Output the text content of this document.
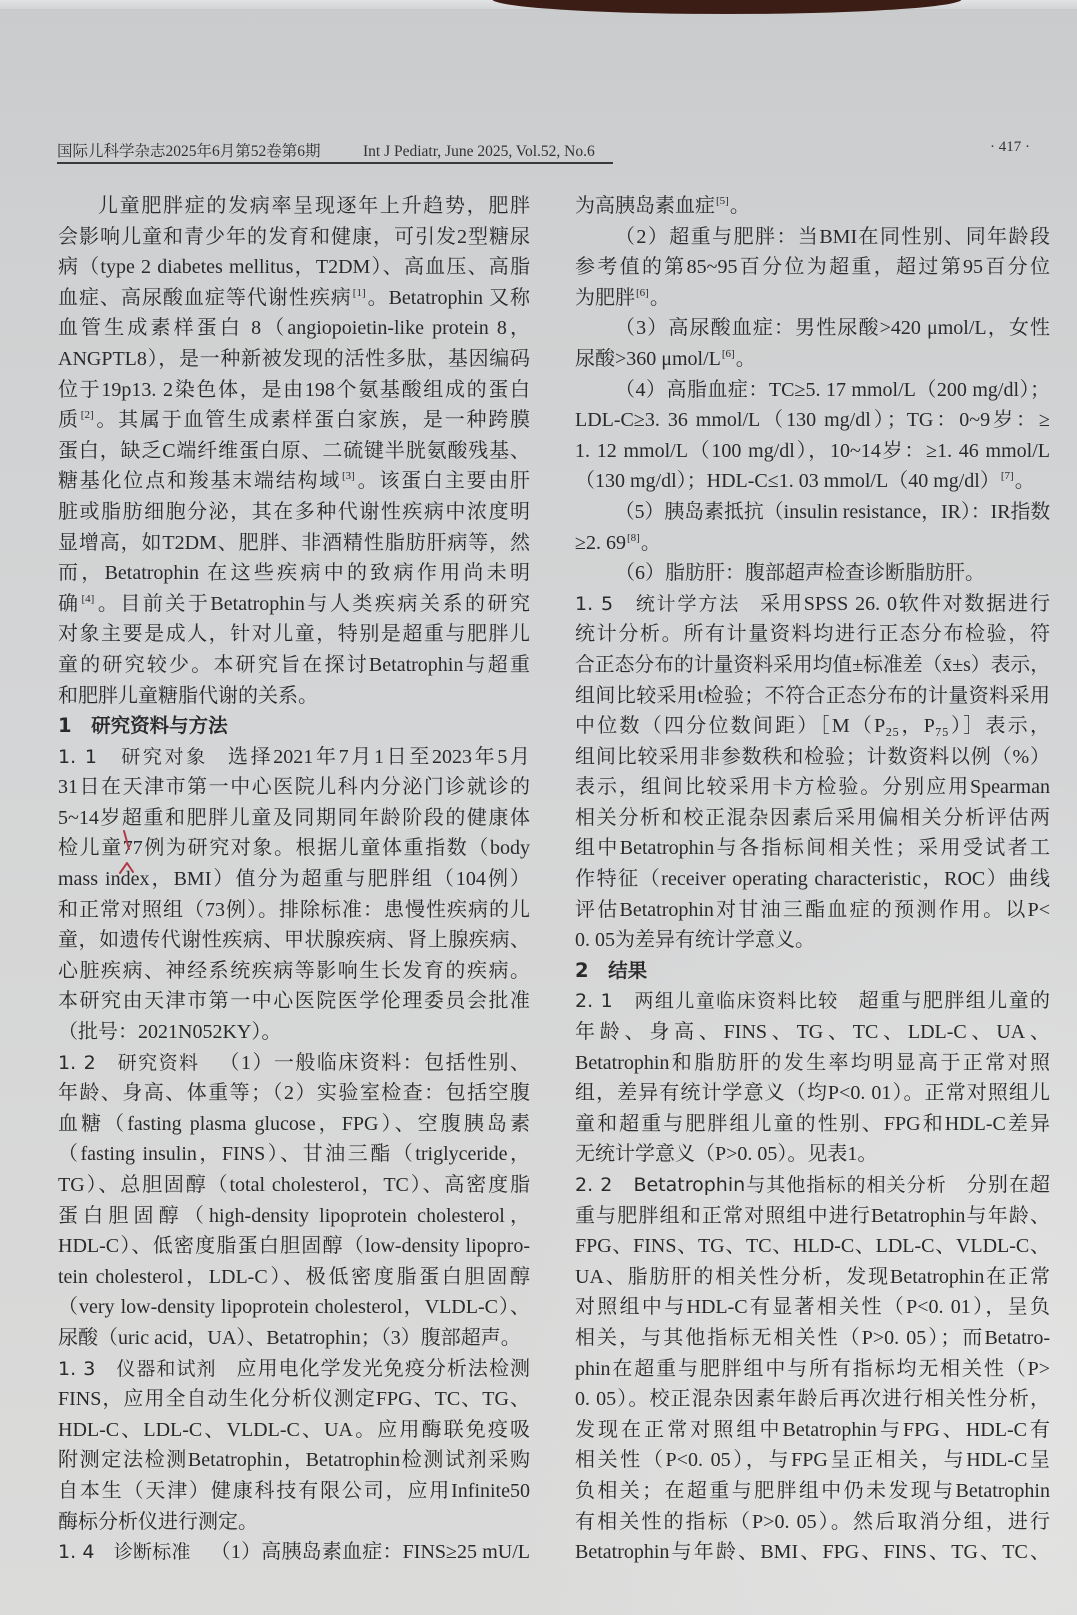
国际儿科学杂志2025年6月第52卷第6期	Int J Pediatr, June 2025, Vol.52, No.6	· 417 ·
儿童肥胖症的发病率呈现逐年上升趋势，肥胖
会影响儿童和青少年的发育和健康，可引发2型糖尿
病（type 2 diabetes mellitus，T2DM）、高血压、高脂
血症、高尿酸血症等代谢性疾病[1]。Betatrophin 又称
血管生成素样蛋白 8（angiopoietin-like protein 8，
ANGPTL8），是一种新被发现的活性多肽，基因编码
位于19p13. 2染色体，是由198个氨基酸组成的蛋白
质[2]。其属于血管生成素样蛋白家族，是一种跨膜
蛋白，缺乏C端纤维蛋白原、二硫键半胱氨酸残基、
糖基化位点和羧基末端结构域[3]。该蛋白主要由肝
脏或脂肪细胞分泌，其在多种代谢性疾病中浓度明
显增高，如T2DM、肥胖、非酒精性脂肪肝病等，然
而，Betatrophin 在这些疾病中的致病作用尚未明
确[4]。目前关于Betatrophin与人类疾病关系的研究
对象主要是成人，针对儿童，特别是超重与肥胖儿
童的研究较少。本研究旨在探讨Betatrophin与超重
和肥胖儿童糖脂代谢的关系。
1　研究资料与方法
1. 1　研究对象 选择2021年7月1日至2023年5月
31日在天津市第一中心医院儿科内分泌门诊就诊的
5~14岁超重和肥胖儿童及同期同年龄阶段的健康体
检儿童77例为研究对象。根据儿童体重指数（body
mass index，BMI）值分为超重与肥胖组（104例）
和正常对照组（73例）。排除标准：患慢性疾病的儿
童，如遗传代谢性疾病、甲状腺疾病、肾上腺疾病、
心脏疾病、神经系统疾病等影响生长发育的疾病。
本研究由天津市第一中心医院医学伦理委员会批准
（批号：2021N052KY）。
1. 2　研究资料 （1）一般临床资料：包括性别、
年龄、身高、体重等；（2）实验室检查：包括空腹
血糖（fasting plasma glucose，FPG）、空腹胰岛素
（fasting insulin，FINS）、甘油三酯（triglyceride，
TG）、总胆固醇（total cholesterol，TC）、高密度脂
蛋白胆固醇（high-density lipoprotein cholesterol，
HDL-C）、低密度脂蛋白胆固醇（low-density lipopro-
tein cholesterol，LDL-C）、极低密度脂蛋白胆固醇
（very low-density lipoprotein cholesterol，VLDL-C）、
尿酸（uric acid，UA）、Betatrophin；（3）腹部超声。
1. 3　仪器和试剂 应用电化学发光免疫分析法检测
FINS，应用全自动生化分析仪测定FPG、TC、TG、
HDL-C、LDL-C、VLDL-C、UA。应用酶联免疫吸
附测定法检测Betatrophin，Betatrophin检测试剂采购
自本生（天津）健康科技有限公司，应用Infinite50
酶标分析仪进行测定。
1. 4　诊断标准 （1）高胰岛素血症：FINS≥25 mU/L
为高胰岛素血症[5]。
（2）超重与肥胖：当BMI在同性别、同年龄段
参考值的第85~95百分位为超重，超过第95百分位
为肥胖[6]。
（3）高尿酸血症：男性尿酸>420 μmol/L，女性
尿酸>360 μmol/L[6]。
（4）高脂血症：TC≥5. 17 mmol/L（200 mg/dl）；
LDL-C≥3. 36 mmol/L（130 mg/dl）；TG：0~9岁：≥
1. 12 mmol/L（100 mg/dl），10~14岁：≥1. 46 mmol/L
（130 mg/dl）；HDL-C≤1. 03 mmol/L（40 mg/dl）[7]。
（5）胰岛素抵抗（insulin resistance，IR）：IR指数
≥2. 69[8]。
（6）脂肪肝：腹部超声检查诊断脂肪肝。
1. 5　统计学方法 采用SPSS 26. 0软件对数据进行
统计分析。所有计量资料均进行正态分布检验，符
合正态分布的计量资料采用均值±标准差（x̄±s）表示，
组间比较采用t检验；不符合正态分布的计量资料采用
中位数（四分位数间距）［M（P₂₅，P₇₅）］表示，
组间比较采用非参数秩和检验；计数资料以例（%）
表示，组间比较采用卡方检验。分别应用Spearman
相关分析和校正混杂因素后采用偏相关分析评估两
组中Betatrophin与各指标间相关性；采用受试者工
作特征（receiver operating characteristic，ROC）曲线
评估Betatrophin对甘油三酯血症的预测作用。以P<
0. 05为差异有统计学意义。
2　结果
2. 1　两组儿童临床资料比较 超重与肥胖组儿童的
年龄、身高、FINS、TG、TC、LDL-C、UA、
Betatrophin和脂肪肝的发生率均明显高于正常对照
组，差异有统计学意义（均P<0. 01）。正常对照组儿
童和超重与肥胖组儿童的性别、FPG和HDL-C差异
无统计学意义（P>0. 05）。见表1。
2. 2　Betatrophin与其他指标的相关分析 分别在超
重与肥胖组和正常对照组中进行Betatrophin与年龄、
FPG、FINS、TG、TC、HLD-C、LDL-C、VLDL-C、
UA、脂肪肝的相关性分析，发现Betatrophin在正常
对照组中与HDL-C有显著相关性（P<0. 01），呈负
相关，与其他指标无相关性（P>0. 05）；而Betatro-
phin在超重与肥胖组中与所有指标均无相关性（P>
0. 05）。校正混杂因素年龄后再次进行相关性分析，
发现在正常对照组中Betatrophin与FPG、HDL-C有
相关性（P<0. 05），与FPG呈正相关，与HDL-C呈
负相关；在超重与肥胖组中仍未发现与Betatrophin
有相关性的指标（P>0. 05）。然后取消分组，进行
Betatrophin与年龄、BMI、FPG、FINS、TG、TC、
